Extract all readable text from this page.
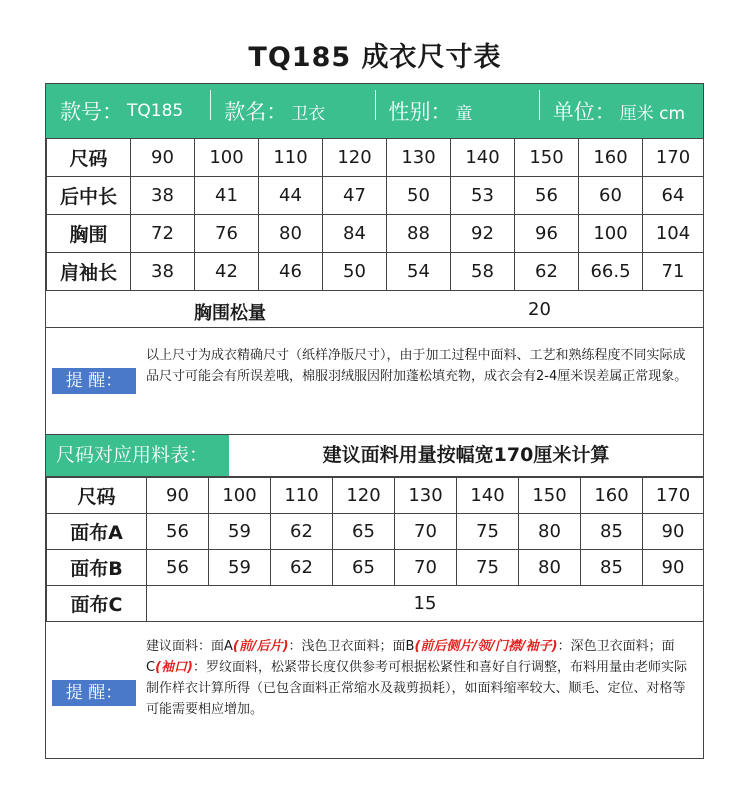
TQ185 成衣尺寸表
款号： TQ185 款名： 卫衣	性别： 童	单位： 厘米 cm
尺码	90	100	110	120	130	140	150	160	170
后中长	38	41	44	47	50	53	56	60	64
胸围	72	76	80	84	88	92	96	100	104
肩袖长	38	42	46	50	54	58	62	66.5	71
胸围松量	20
提 醒：
以上尺寸为成衣精确尺寸（纸样净版尺寸），由于加工过程中面料、工艺和熟练程度不同实际成品尺寸可能会有所误差哦，棉服羽绒服因附加蓬松填充物，成衣会有2-4厘米误差属正常现象。
尺码对应用料表：	建议面料用量按幅宽170厘米计算
尺码	90	100	110	120	130	140	150	160	170
面布A	56	59	62	65	70	75	80	85	90
面布B	56	59	62	65	70	75	80	85	90
面布C	15								
提 醒：
建议面料：面A(前/后片)：浅色卫衣面料；面B(前后侧片/领/门襟/袖子)：深色卫衣面料；面C(袖口)：罗纹面料，松紧带长度仅供参考可根据松紧性和喜好自行调整，布料用量由老师实际制作样衣计算所得（已包含面料正常缩水及裁剪损耗），如面料缩率较大、顺毛、定位、对格等可能需要相应增加。
